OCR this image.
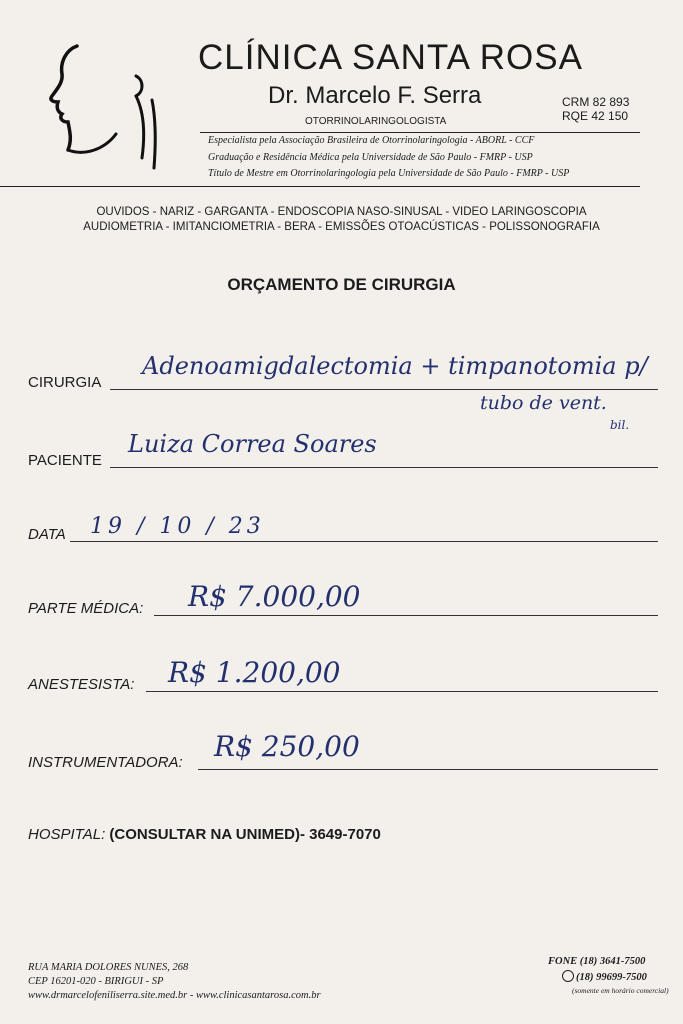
CLÍNICA SANTA ROSA
Dr. Marcelo F. Serra	CRM 82 893
RQE 42 150
OTORRINOLARINGOLOGISTA
Especialista pela Associação Brasileira de Otorrinolaringologia - ABORL - CCF
Graduação e Residência Médica pela Universidade de São Paulo - FMRP - USP
Título de Mestre em Otorrinolaringologia pela Universidade de São Paulo - FMRP - USP
OUVIDOS - NARIZ - GARGANTA - ENDOSCOPIA NASO-SINUSAL - VIDEO LARINGOSCOPIA
AUDIOMETRIA - IMITANCIOMETRIA - BERA - EMISSÕES OTOACÚSTICAS - POLISSONOGRAFIA
ORÇAMENTO DE CIRURGIA
CIRURGIA
Adenoamigdalectomia + timpanotomia p/
tubo de vent.
bil.
PACIENTE
Luiza Correa Soares
DATA 19 / 10 / 23
PARTE MÉDICA: R$ 7.000,00
ANESTESISTA: R$ 1.200,00
INSTRUMENTADORA: R$ 250,00
HOSPITAL: (CONSULTAR NA UNIMED)- 3649-7070
RUA MARIA DOLORES NUNES, 268
CEP 16201-020 - BIRIGUI - SP
www.drmarcelofeniliserra.site.med.br - www.clinicasantarosa.com.br
FONE (18) 3641-7500
(18) 99699-7500
(somente em horário comercial)
